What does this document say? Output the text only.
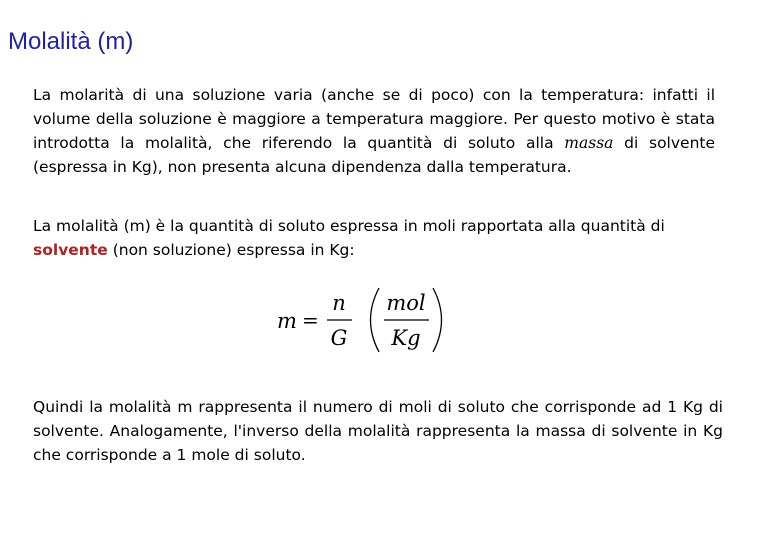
Molalità (m)

La molarità di una soluzione varia (anche se di poco) con la temperatura: infatti il volume della soluzione è maggiore a temperatura maggiore. Per questo motivo è stata introdotta la molalità, che riferendo la quantità di soluto alla massa di solvente (espressa in Kg), non presenta alcuna dipendenza dalla temperatura.

La molalità (m) è la quantità di soluto espressa in moli rapportata alla quantità di solvente (non soluzione) espressa in Kg:

m =
n
G
mol
Kg

Quindi la molalità m rappresenta il numero di moli di soluto che corrisponde ad 1 Kg di solvente. Analogamente, l'inverso della molalità rappresenta la massa di solvente in Kg che corrisponde a 1 mole di soluto.
